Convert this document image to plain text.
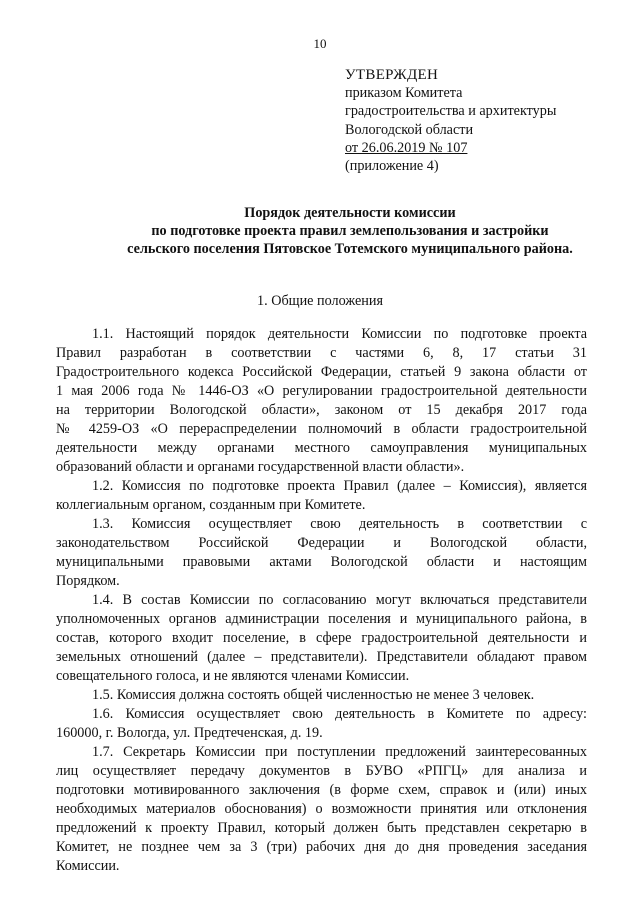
10
УТВЕРЖДЕН
приказом Комитета
градостроительства и архитектуры
Вологодской области
от 26.06.2019 № 107
(приложение 4)
Порядок деятельности комиссии
по подготовке проекта правил землепользования и застройки
сельского поселения Пятовское Тотемского муниципального района.
1. Общие положения
1.1. Настоящий порядок деятельности Комиссии по подготовке проекта
Правил разработан в соответствии с частями 6, 8, 17 статьи 31
Градостроительного кодекса Российской Федерации, статьей 9 закона области от
1 мая 2006 года № 1446-ОЗ «О регулировании градостроительной деятельности
на территории Вологодской области», законом от 15 декабря 2017 года
№ 4259-ОЗ «О перераспределении полномочий в области градостроительной
деятельности между органами местного самоуправления муниципальных
образований области и органами государственной власти области».
1.2. Комиссия по подготовке проекта Правил (далее – Комиссия), является
коллегиальным органом, созданным при Комитете.
1.3. Комиссия осуществляет свою деятельность в соответствии с
законодательством Российской Федерации и Вологодской области,
муниципальными правовыми актами Вологодской области и настоящим
Порядком.
1.4. В состав Комиссии по согласованию могут включаться представители
уполномоченных органов администрации поселения и муниципального района, в
состав, которого входит поселение, в сфере градостроительной деятельности и
земельных отношений (далее – представители). Представители обладают правом
совещательного голоса, и не являются членами Комиссии.
1.5. Комиссия должна состоять общей численностью не менее 3 человек.
1.6. Комиссия осуществляет свою деятельность в Комитете по адресу:
160000, г. Вологда, ул. Предтеченская, д. 19.
1.7. Секретарь Комиссии при поступлении предложений заинтересованных
лиц осуществляет передачу документов в БУВО «РПГЦ» для анализа и
подготовки мотивированного заключения (в форме схем, справок и (или) иных
необходимых материалов обоснования) о возможности принятия или отклонения
предложений к проекту Правил, который должен быть представлен секретарю в
Комитет, не позднее чем за 3 (три) рабочих дня до дня проведения заседания
Комиссии.
